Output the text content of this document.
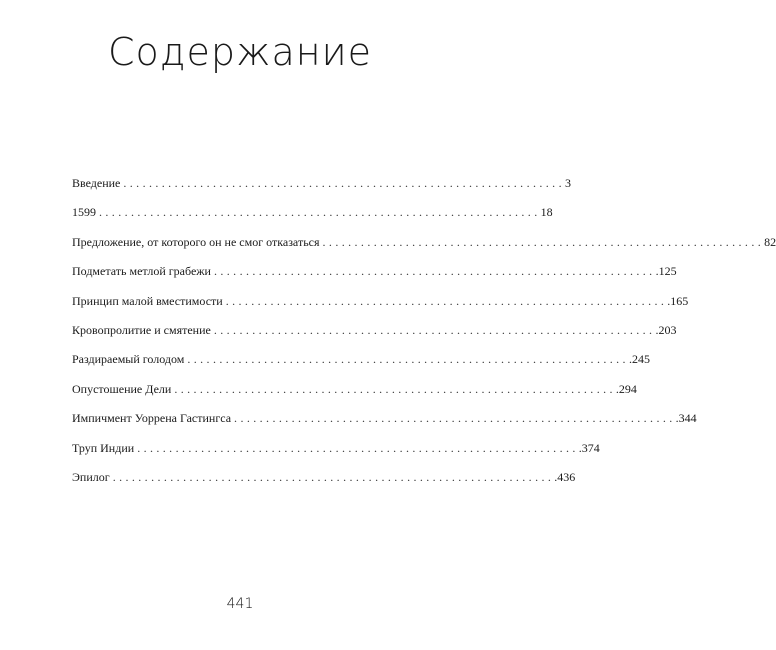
Содержание
Введение ..................................................................... 3
1599 ..................................................................... 18
Предложение, от которого он не смог отказаться ..................................................................... 82
Подметать метлой грабежи ..................................................................... .125
Принцип малой вместимости ..................................................................... .165
Кровопролитие и смятение ..................................................................... .203
Раздираемый голодом ..................................................................... .245
Опустошение Дели ..................................................................... .294
Импичмент Уоррена Гастингса ..................................................................... .344
Труп Индии ..................................................................... .374
Эпилог ..................................................................... .436
441
